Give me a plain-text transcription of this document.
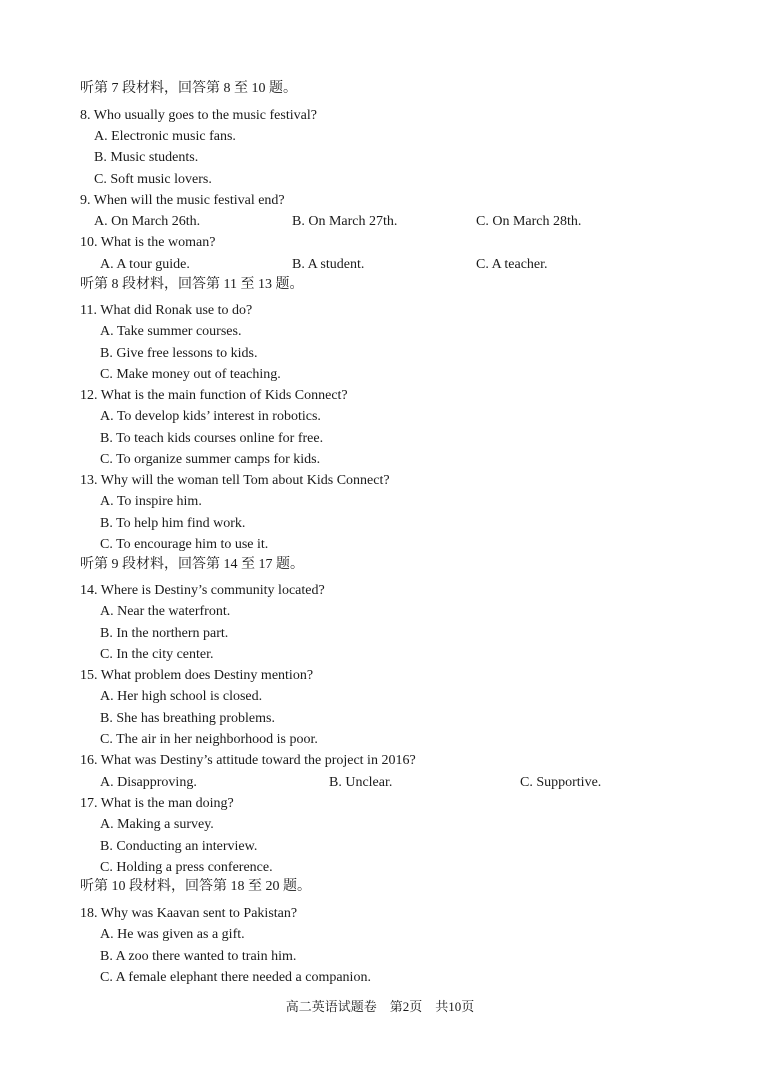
听第 7 段材料，回答第 8 至 10 题。
8. Who usually goes to the music festival?
A. Electronic music fans.
B. Music students.
C. Soft music lovers.
9. When will the music festival end?
A. On March 26th.	B. On March 27th.	C. On March 28th.
10. What is the woman?
A. A tour guide.	B. A student.	C. A teacher.
听第 8 段材料，回答第 11 至 13 题。
11. What did Ronak use to do?
A. Take summer courses.
B. Give free lessons to kids.
C. Make money out of teaching.
12. What is the main function of Kids Connect?
A. To develop kids’ interest in robotics.
B. To teach kids courses online for free.
C. To organize summer camps for kids.
13. Why will the woman tell Tom about Kids Connect?
A. To inspire him.
B. To help him find work.
C. To encourage him to use it.
听第 9 段材料，回答第 14 至 17 题。
14. Where is Destiny’s community located?
A. Near the waterfront.
B. In the northern part.
C. In the city center.
15. What problem does Destiny mention?
A. Her high school is closed.
B. She has breathing problems.
C. The air in her neighborhood is poor.
16. What was Destiny’s attitude toward the project in 2016?
A. Disapproving.	B. Unclear.	C. Supportive.
17. What is the man doing?
A. Making a survey.
B. Conducting an interview.
C. Holding a press conference.
听第 10 段材料，回答第 18 至 20 题。
18. Why was Kaavan sent to Pakistan?
A. He was given as a gift.
B. A zoo there wanted to train him.
C. A female elephant there needed a companion.
高二英语试题卷　第2页　共10页
